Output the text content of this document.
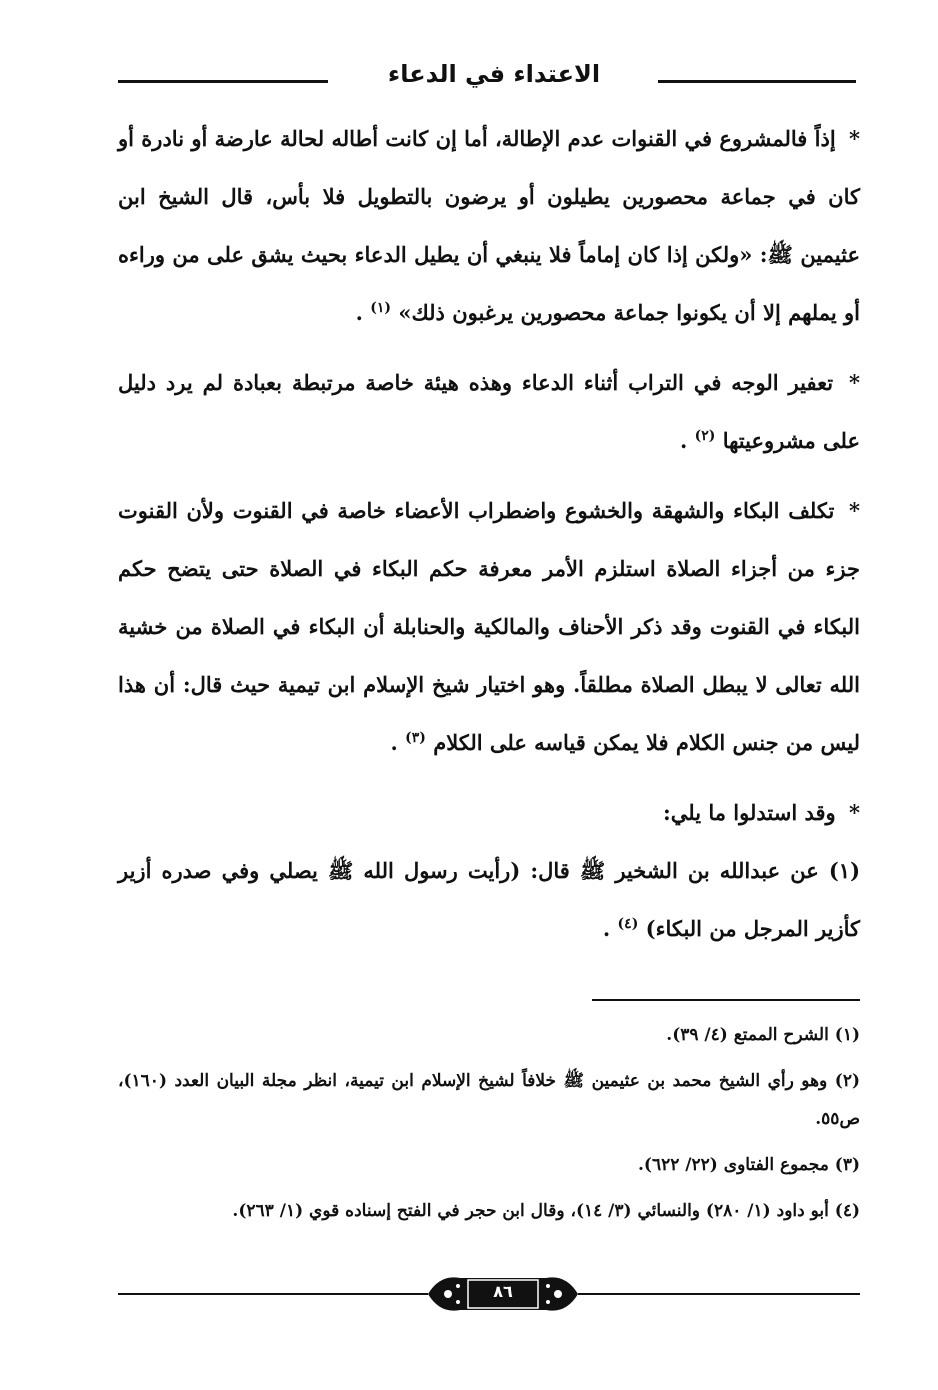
الاعتداء في الدعاء

* إذاً فالمشروع في القنوات عدم الإطالة، أما إن كانت أطاله لحالة عارضة أو نادرة أو كان في جماعة محصورين يطيلون أو يرضون بالتطويل فلا بأس، قال الشيخ ابن عثيمين ﷺ: «ولكن إذا كان إماماً فلا ينبغي أن يطيل الدعاء بحيث يشق على من وراءه أو يملهم إلا أن يكونوا جماعة محصورين يرغبون ذلك» $^{(١)}$ .

* تعفير الوجه في التراب أثناء الدعاء وهذه هيئة خاصة مرتبطة بعبادة لم يرد دليل على مشروعيتها $^{(٢)}$ .

* تكلف البكاء والشهقة والخشوع واضطراب الأعضاء خاصة في القنوت ولأن القنوت جزء من أجزاء الصلاة استلزم الأمر معرفة حكم البكاء في الصلاة حتى يتضح حكم البكاء في القنوت وقد ذكر الأحناف والمالكية والحنابلة أن البكاء في الصلاة من خشية الله تعالى لا يبطل الصلاة مطلقاً. وهو اختيار شيخ الإسلام ابن تيمية حيث قال: أن هذا ليس من جنس الكلام فلا يمكن قياسه على الكلام $^{(٣)}$ .

* وقد استدلوا ما يلي:

(١) عن عبدالله بن الشخير ﷺ قال: (رأيت رسول الله ﷺ يصلي وفي صدره أزير كأزير المرجل من البكاء) $^{(٤)}$ .

(١) الشرح الممتع (٤/ ٣٩).

(٢) وهو رأي الشيخ محمد بن عثيمين ﷺ خلافاً لشيخ الإسلام ابن تيمية، انظر مجلة البيان العدد (١٦٠)، ص٥٥.

(٣) مجموع الفتاوى (٢٢/ ٦٢٢).

(٤) أبو داود (١/ ٢٨٠) والنسائي (٣/ ١٤)، وقال ابن حجر في الفتح إسناده قوي (١/ ٢٦٣).

٨٦
